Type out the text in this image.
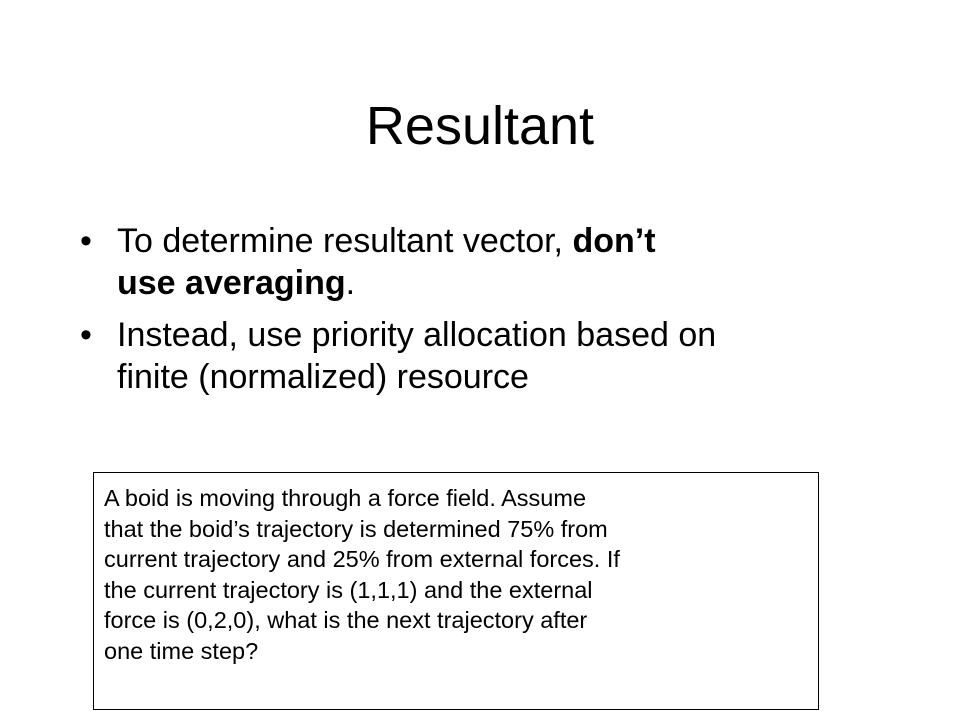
Resultant
• To determine resultant vector, don’t
use averaging.
• Instead, use priority allocation based on
finite (normalized) resource
A boid is moving through a force field. Assume
that the boid’s trajectory is determined 75% from
current trajectory and 25% from external forces. If
the current trajectory is (1,1,1) and the external
force is (0,2,0), what is the next trajectory after
one time step?
